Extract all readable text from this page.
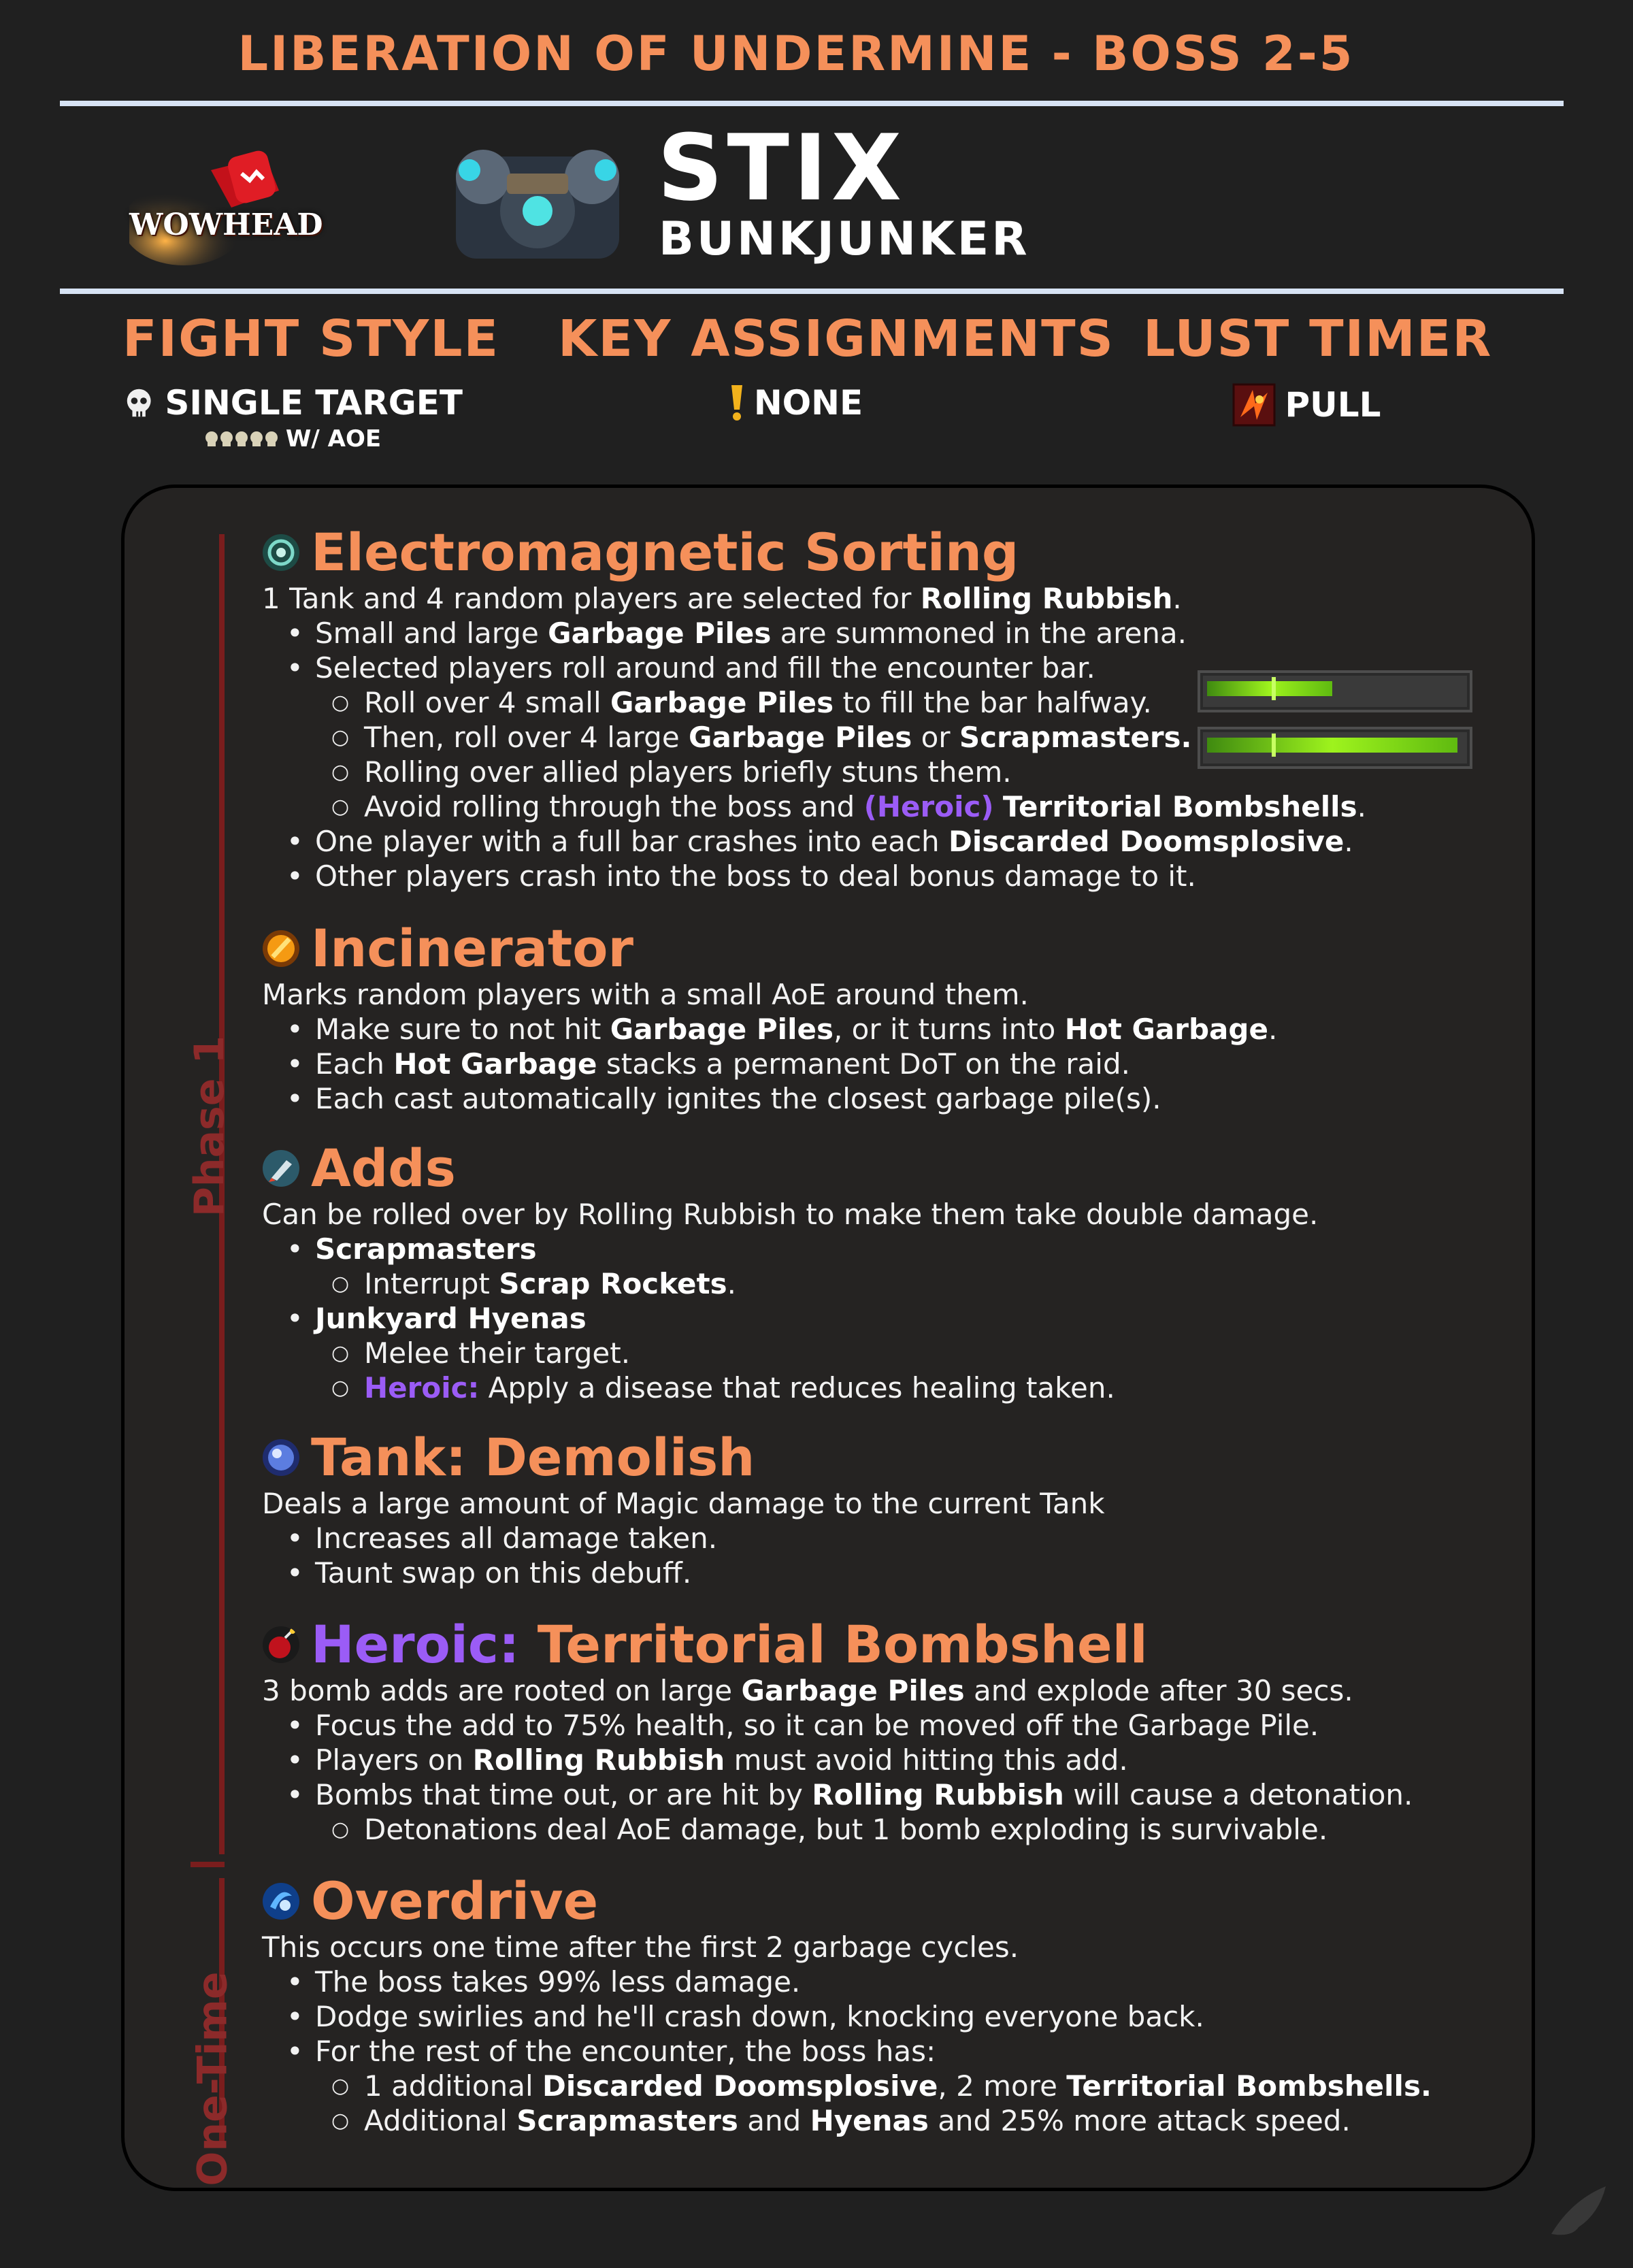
LIBERATION OF UNDERMINE - BOSS 2-5
WOWHEAD
STIX
BUNKJUNKER
FIGHT STYLE
SINGLE TARGET
W/ AOE
KEY ASSIGNMENTS
NONE
LUST TIMER
PULL
Phase 1
One-Time
Electromagnetic Sorting
1 Tank and 4 random players are selected for Rolling Rubbish.
• Small and large Garbage Piles are summoned in the arena.
• Selected players roll around and fill the encounter bar.
○ Roll over 4 small Garbage Piles to fill the bar halfway.
○ Then, roll over 4 large Garbage Piles or Scrapmasters.
○ Rolling over allied players briefly stuns them.
○ Avoid rolling through the boss and (Heroic) Territorial Bombshells.
• One player with a full bar crashes into each Discarded Doomsplosive.
• Other players crash into the boss to deal bonus damage to it.
Incinerator
Marks random players with a small AoE around them.
• Make sure to not hit Garbage Piles, or it turns into Hot Garbage.
• Each Hot Garbage stacks a permanent DoT on the raid.
• Each cast automatically ignites the closest garbage pile(s).
Adds
Can be rolled over by Rolling Rubbish to make them take double damage.
• Scrapmasters
○ Interrupt Scrap Rockets.
• Junkyard Hyenas
○ Melee their target.
○ Heroic: Apply a disease that reduces healing taken.
Tank: Demolish
Deals a large amount of Magic damage to the current Tank
• Increases all damage taken.
• Taunt swap on this debuff.
Heroic: Territorial Bombshell
3 bomb adds are rooted on large Garbage Piles and explode after 30 secs.
• Focus the add to 75% health, so it can be moved off the Garbage Pile.
• Players on Rolling Rubbish must avoid hitting this add.
• Bombs that time out, or are hit by Rolling Rubbish will cause a detonation.
○ Detonations deal AoE damage, but 1 bomb exploding is survivable.
Overdrive
This occurs one time after the first 2 garbage cycles.
• The boss takes 99% less damage.
• Dodge swirlies and he'll crash down, knocking everyone back.
• For the rest of the encounter, the boss has:
○ 1 additional Discarded Doomsplosive, 2 more Territorial Bombshells.
○ Additional Scrapmasters and Hyenas and 25% more attack speed.
